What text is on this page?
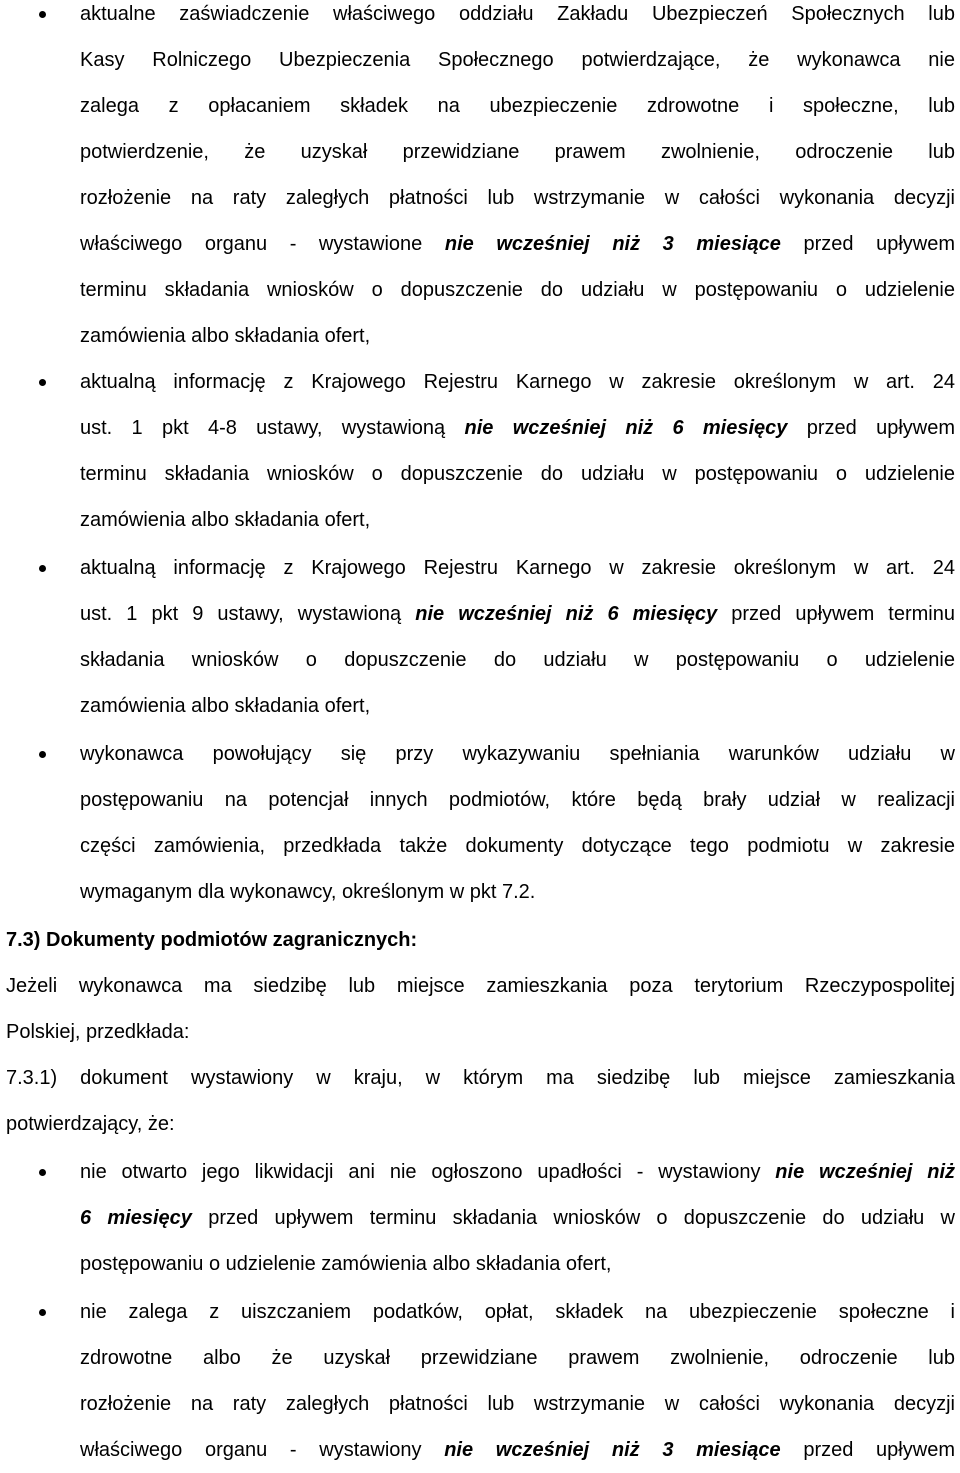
aktualne zaświadczenie właściwego oddziału Zakładu Ubezpieczeń Społecznych lub
Kasy Rolniczego Ubezpieczenia Społecznego potwierdzające, że wykonawca nie
zalega z opłacaniem składek na ubezpieczenie zdrowotne i społeczne, lub
potwierdzenie, że uzyskał przewidziane prawem zwolnienie, odroczenie lub
rozłożenie na raty zaległych płatności lub wstrzymanie w całości wykonania decyzji
właściwego organu - wystawione nie wcześniej niż 3 miesiące przed upływem
terminu składania wniosków o dopuszczenie do udziału w postępowaniu o udzielenie
zamówienia albo składania ofert,
aktualną informację z Krajowego Rejestru Karnego w zakresie określonym w art. 24
ust. 1 pkt 4-8 ustawy, wystawioną nie wcześniej niż 6 miesięcy przed upływem
terminu składania wniosków o dopuszczenie do udziału w postępowaniu o udzielenie
zamówienia albo składania ofert,
aktualną informację z Krajowego Rejestru Karnego w zakresie określonym w art. 24
ust. 1 pkt 9 ustawy, wystawioną nie wcześniej niż 6 miesięcy przed upływem terminu
składania wniosków o dopuszczenie do udziału w postępowaniu o udzielenie
zamówienia albo składania ofert,
wykonawca powołujący się przy wykazywaniu spełniania warunków udziału w
postępowaniu na potencjał innych podmiotów, które będą brały udział w realizacji
części zamówienia, przedkłada także dokumenty dotyczące tego podmiotu w zakresie
wymaganym dla wykonawcy, określonym w pkt 7.2.
7.3) Dokumenty podmiotów zagranicznych:
Jeżeli wykonawca ma siedzibę lub miejsce zamieszkania poza terytorium Rzeczypospolitej
Polskiej, przedkłada:
7.3.1) dokument wystawiony w kraju, w którym ma siedzibę lub miejsce zamieszkania
potwierdzający, że:
nie otwarto jego likwidacji ani nie ogłoszono upadłości - wystawiony nie wcześniej niż
6 miesięcy przed upływem terminu składania wniosków o dopuszczenie do udziału w
postępowaniu o udzielenie zamówienia albo składania ofert,
nie zalega z uiszczaniem podatków, opłat, składek na ubezpieczenie społeczne i
zdrowotne albo że uzyskał przewidziane prawem zwolnienie, odroczenie lub
rozłożenie na raty zaległych płatności lub wstrzymanie w całości wykonania decyzji
właściwego organu - wystawiony nie wcześniej niż 3 miesiące przed upływem
